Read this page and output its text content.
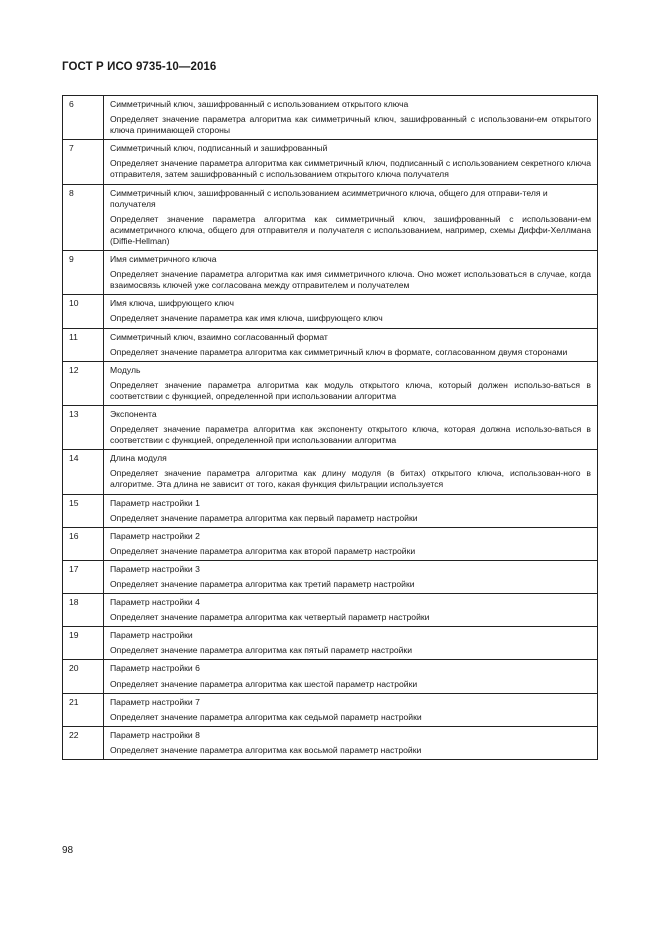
ГОСТ Р ИСО 9735-10—2016
6	Симметричный ключ, зашифрованный с использованием открытого ключа
Определяет значение параметра алгоритма как симметричный ключ, зашифрованный с использовани-ем открытого ключа принимающей стороны

7	Симметричный ключ, подписанный и зашифрованный
Определяет значение параметра алгоритма как симметричный ключ, подписанный с использованием секретного ключа отправителя, затем зашифрованный с использованием открытого ключа получателя

8	Симметричный ключ, зашифрованный с использованием асимметричного ключа, общего для отправи-теля и получателя
Определяет значение параметра алгоритма как симметричный ключ, зашифрованный с использовани-ем асимметричного ключа, общего для отправителя и получателя с использованием, например, схемы Диффи-Хеллмана (Diffie-Hellman)

9	Имя симметричного ключа
Определяет значение параметра алгоритма как имя симметричного ключа. Оно может использоваться в случае, когда взаимосвязь ключей уже согласована между отправителем и получателем

10	Имя ключа, шифрующего ключ
Определяет значение параметра как имя ключа, шифрующего ключ

11	Симметричный ключ, взаимно согласованный формат
Определяет значение параметра алгоритма как симметричный ключ в формате, согласованном двумя сторонами

12	Модуль
Определяет значение параметра алгоритма как модуль открытого ключа, который должен использо-ваться в соответствии с функцией, определенной при использовании алгоритма

13	Экспонента
Определяет значение параметра алгоритма как экспоненту открытого ключа, которая должна использо-ваться в соответствии с функцией, определенной при использовании алгоритма

14	Длина модуля
Определяет значение параметра алгоритма как длину модуля (в битах) открытого ключа, использован-ного в алгоритме. Эта длина не зависит от того, какая функция фильтрации используется

15	Параметр настройки 1
Определяет значение параметра алгоритма как первый параметр настройки

16	Параметр настройки 2
Определяет значение параметра алгоритма как второй параметр настройки

17	Параметр настройки 3
Определяет значение параметра алгоритма как третий параметр настройки

18	Параметр настройки 4
Определяет значение параметра алгоритма как четвертый параметр настройки

19	Параметр настройки
Определяет значение параметра алгоритма как пятый параметр настройки

20	Параметр настройки 6
Определяет значение параметра алгоритма как шестой параметр настройки

21	Параметр настройки 7
Определяет значение параметра алгоритма как седьмой параметр настройки

22	Параметр настройки 8
Определяет значение параметра алгоритма как восьмой параметр настройки
98
